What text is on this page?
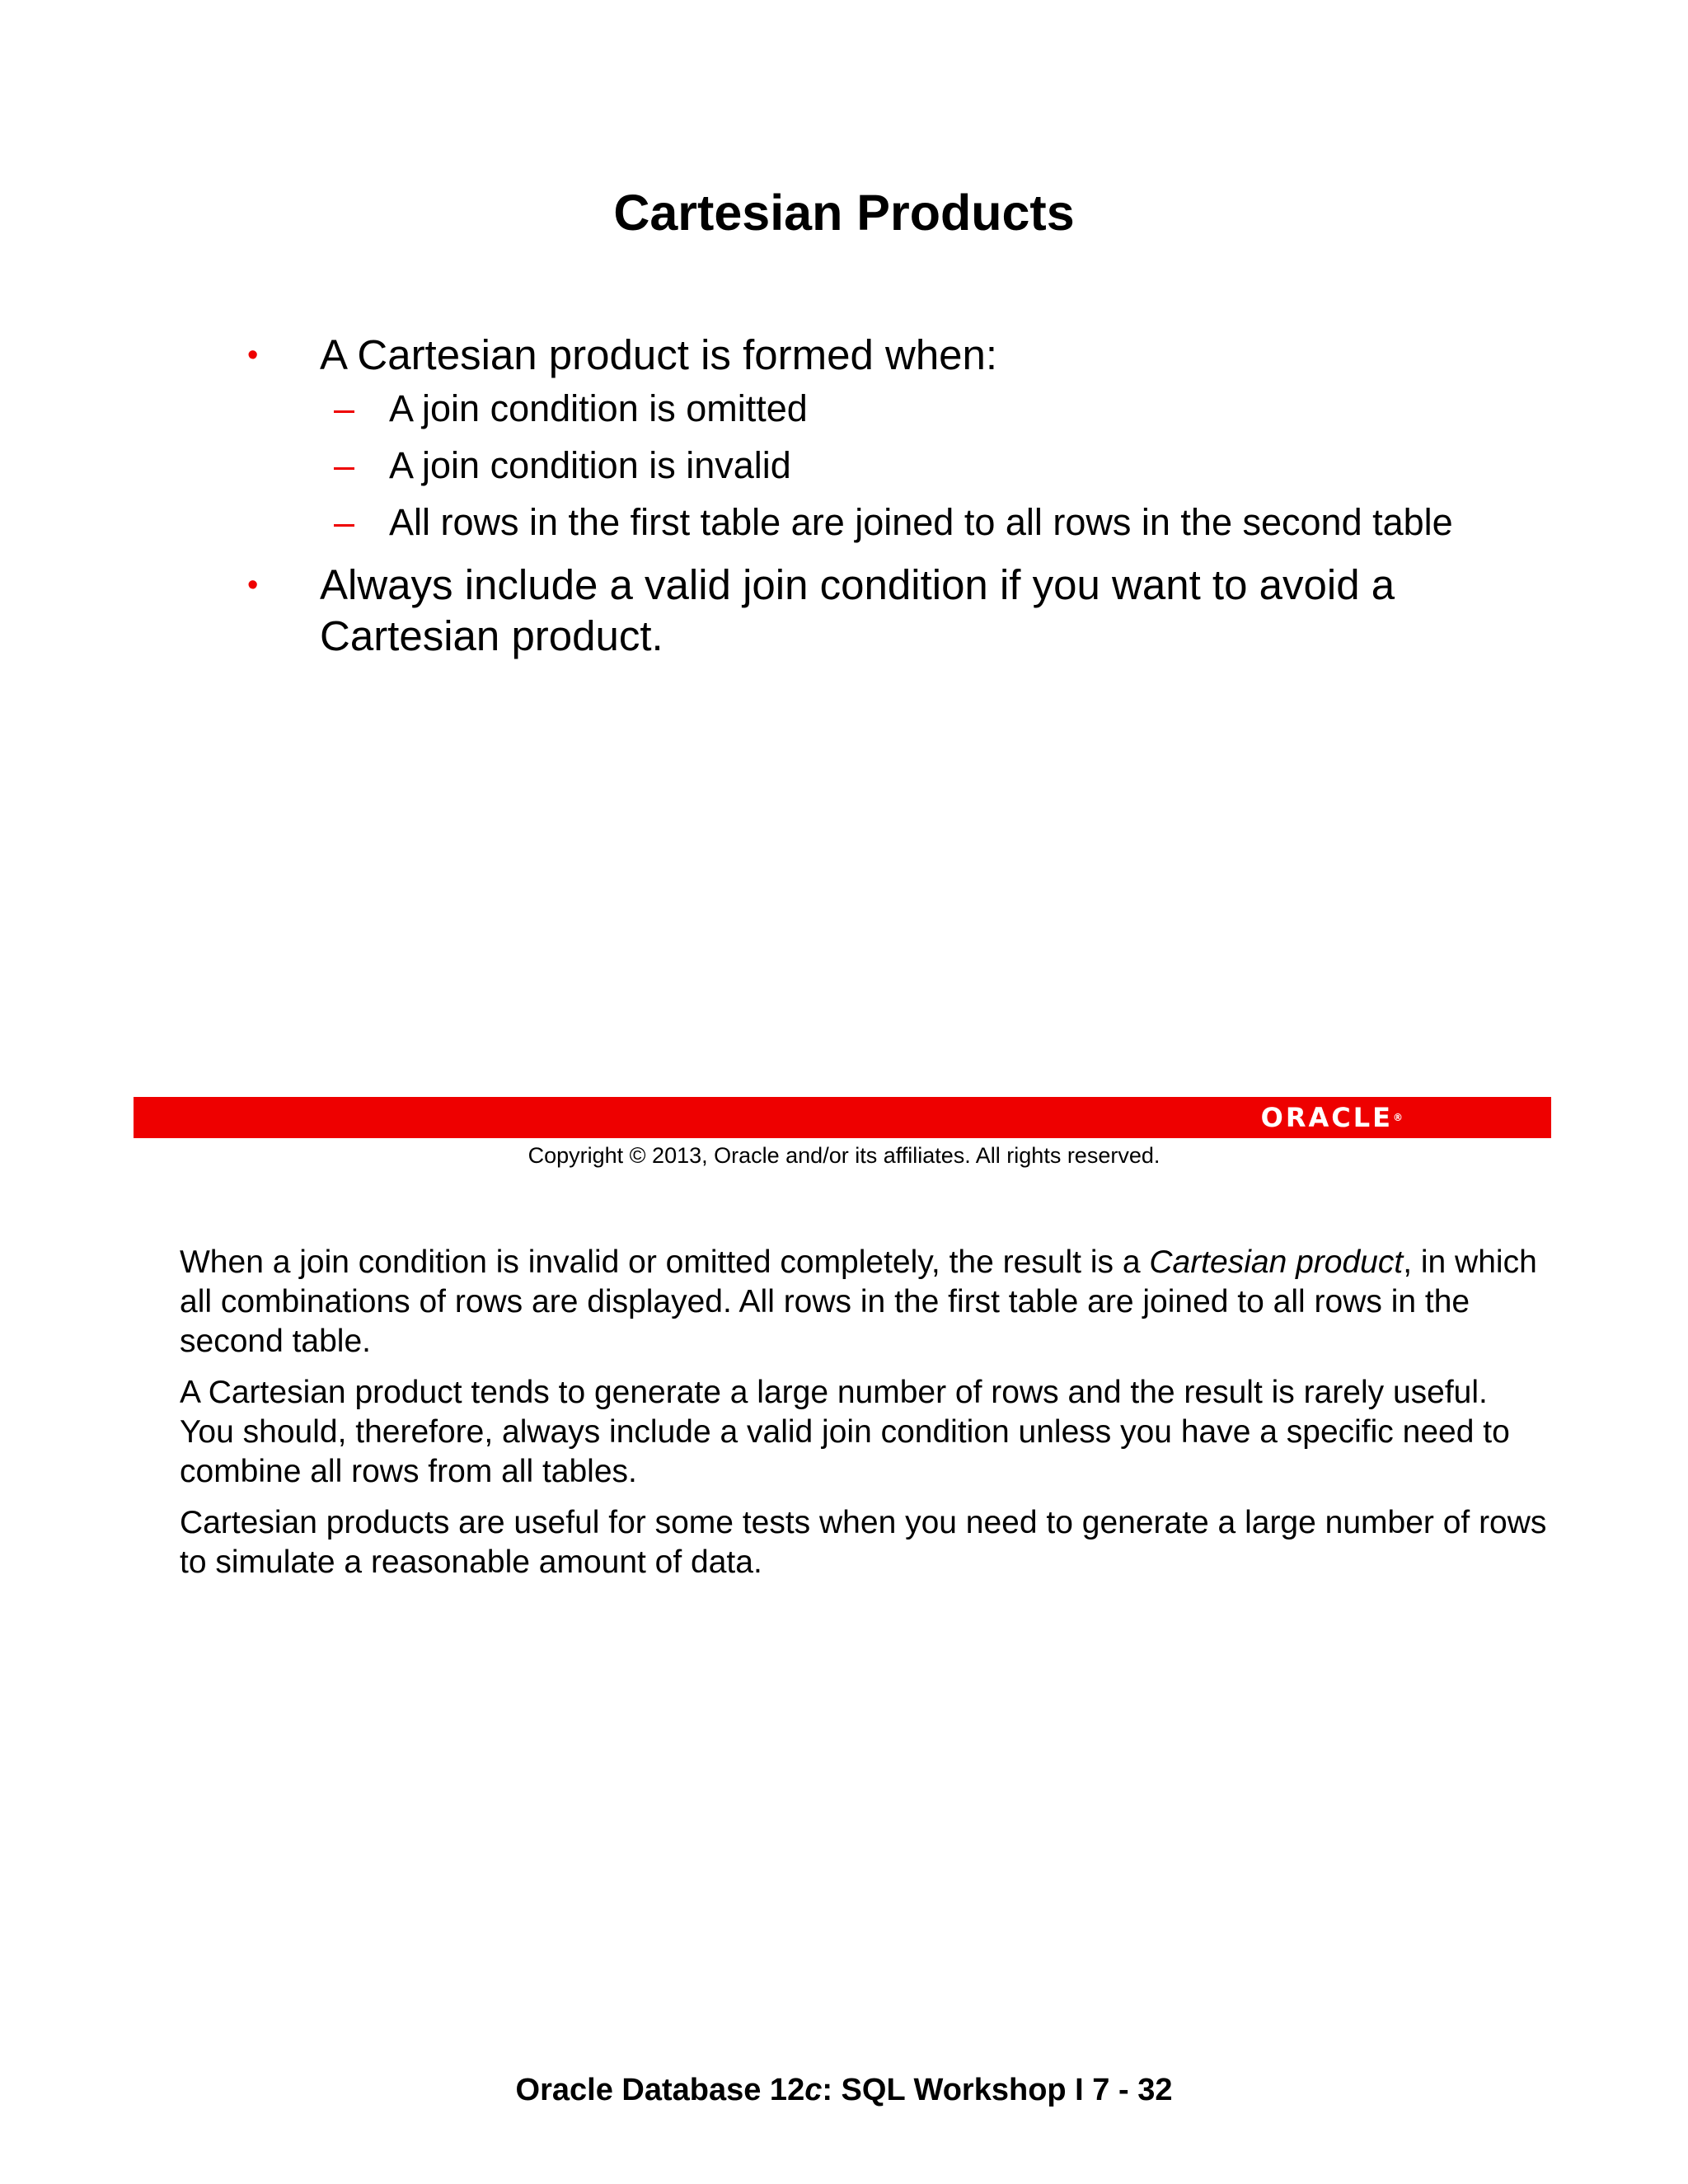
Cartesian Products
• A Cartesian product is formed when:
– A join condition is omitted
– A join condition is invalid
– All rows in the first table are joined to all rows in the second table
• Always include a valid join condition if you want to avoid a Cartesian product.
ORACLE®
Copyright © 2013, Oracle and/or its affiliates. All rights reserved.

When a join condition is invalid or omitted completely, the result is a Cartesian product, in which all combinations of rows are displayed. All rows in the first table are joined to all rows in the second table.

A Cartesian product tends to generate a large number of rows and the result is rarely useful. You should, therefore, always include a valid join condition unless you have a specific need to combine all rows from all tables.

Cartesian products are useful for some tests when you need to generate a large number of rows to simulate a reasonable amount of data.

Oracle Database 12c: SQL Workshop I 7 - 32
